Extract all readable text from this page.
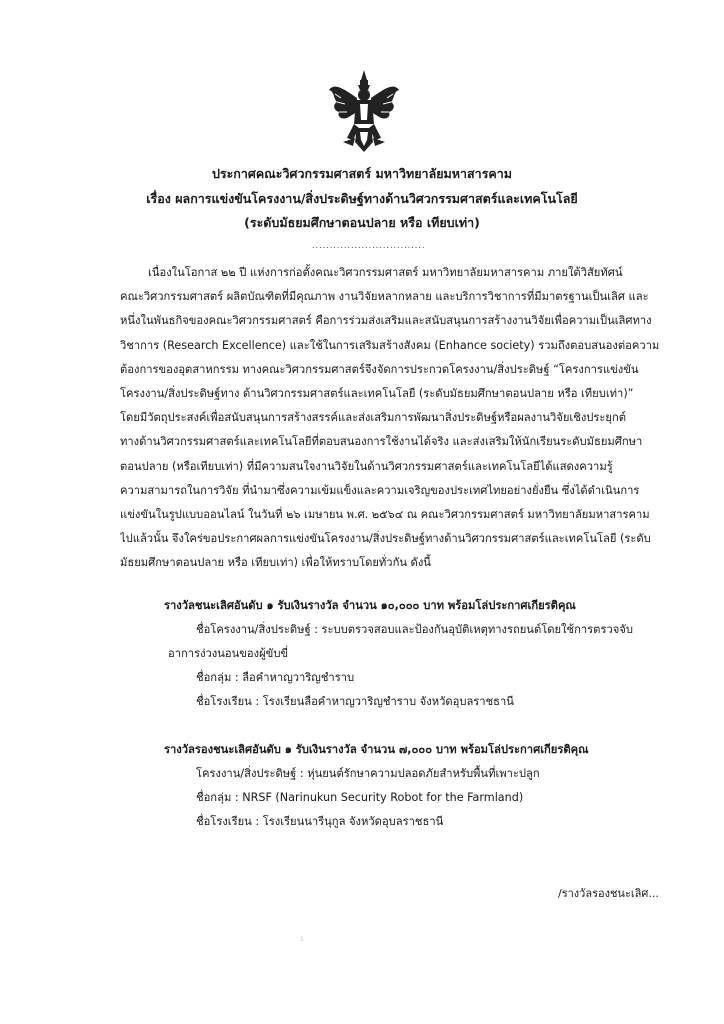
ประกาศคณะวิศวกรรมศาสตร์ มหาวิทยาลัยมหาสารคาม
เรื่อง ผลการแข่งขันโครงงาน/สิ่งประดิษฐ์ทางด้านวิศวกรรมศาสตร์และเทคโนโลยี
(ระดับมัธยมศึกษาตอนปลาย หรือ เทียบเท่า)
................................
เนื่องในโอกาส ๒๒ ปี แห่งการก่อตั้งคณะวิศวกรรมศาสตร์ มหาวิทยาลัยมหาสารคาม ภายใต้วิสัยทัศน์
คณะวิศวกรรมศาสตร์ ผลิตบัณฑิตที่มีคุณภาพ งานวิจัยหลากหลาย และบริการวิชาการที่มีมาตรฐานเป็นเลิศ และ
หนึ่งในพันธกิจของคณะวิศวกรรมศาสตร์ คือการร่วมส่งเสริมและสนับสนุนการสร้างงานวิจัยเพื่อความเป็นเลิศทาง
วิชาการ (Research Excellence) และใช้ในการเสริมสร้างสังคม (Enhance society) รวมถึงตอบสนองต่อความ
ต้องการของอุตสาหกรรม ทางคณะวิศวกรรมศาสตร์จึงจัดการประกวดโครงงาน/สิ่งประดิษฐ์ “โครงการแข่งขัน
โครงงาน/สิ่งประดิษฐ์ทาง ด้านวิศวกรรมศาสตร์และเทคโนโลยี (ระดับมัธยมศึกษาตอนปลาย หรือ เทียบเท่า)”
โดยมีวัตถุประสงค์เพื่อสนับสนุนการสร้างสรรค์และส่งเสริมการพัฒนาสิ่งประดิษฐ์หรือผลงานวิจัยเชิงประยุกต์
ทางด้านวิศวกรรมศาสตร์และเทคโนโลยีที่ตอบสนองการใช้งานได้จริง และส่งเสริมให้นักเรียนระดับมัธยมศึกษา
ตอนปลาย (หรือเทียบเท่า) ที่มีความสนใจงานวิจัยในด้านวิศวกรรมศาสตร์และเทคโนโลยีได้แสดงความรู้
ความสามารถในการวิจัย ที่นำมาซึ่งความเข้มแข็งและความเจริญของประเทศไทยอย่างยั่งยืน ซึ่งได้ดำเนินการ
แข่งขันในรูปแบบออนไลน์ ในวันที่ ๒๖ เมษายน พ.ศ. ๒๕๖๔ ณ คณะวิศวกรรมศาสตร์ มหาวิทยาลัยมหาสารคาม
ไปแล้วนั้น จึงใคร่ขอประกาศผลการแข่งขันโครงงาน/สิ่งประดิษฐ์ทางด้านวิศวกรรมศาสตร์และเทคโนโลยี (ระดับ
มัธยมศึกษาตอนปลาย หรือ เทียบเท่า) เพื่อให้ทราบโดยทั่วกัน ดังนี้
รางวัลชนะเลิศอันดับ ๑ รับเงินรางวัล จำนวน ๑๐,๐๐๐ บาท พร้อมโล่ประกาศเกียรติคุณ
ชื่อโครงงาน/สิ่งประดิษฐ์ : ระบบตรวจสอบและป้องกันอุบัติเหตุทางรถยนต์โดยใช้การตรวจจับ
อาการง่วงนอนของผู้ขับขี่
ชื่อกลุ่ม : ลือคำหาญวาริญชำราบ
ชื่อโรงเรียน : โรงเรียนลือคำหาญวาริญชำราบ จังหวัดอุบลราชธานี
รางวัลรองชนะเลิศอันดับ ๑ รับเงินรางวัล จำนวน ๗,๐๐๐ บาท พร้อมโล่ประกาศเกียรติคุณ
โครงงาน/สิ่งประดิษฐ์ : หุ่นยนต์รักษาความปลอดภัยสำหรับพื้นที่เพาะปลูก
ชื่อกลุ่ม : NRSF (Narinukun Security Robot for the Farmland)
ชื่อโรงเรียน : โรงเรียนนารีนุกูล จังหวัดอุบลราชธานี
/รางวัลรองชนะเลิศ...
1
